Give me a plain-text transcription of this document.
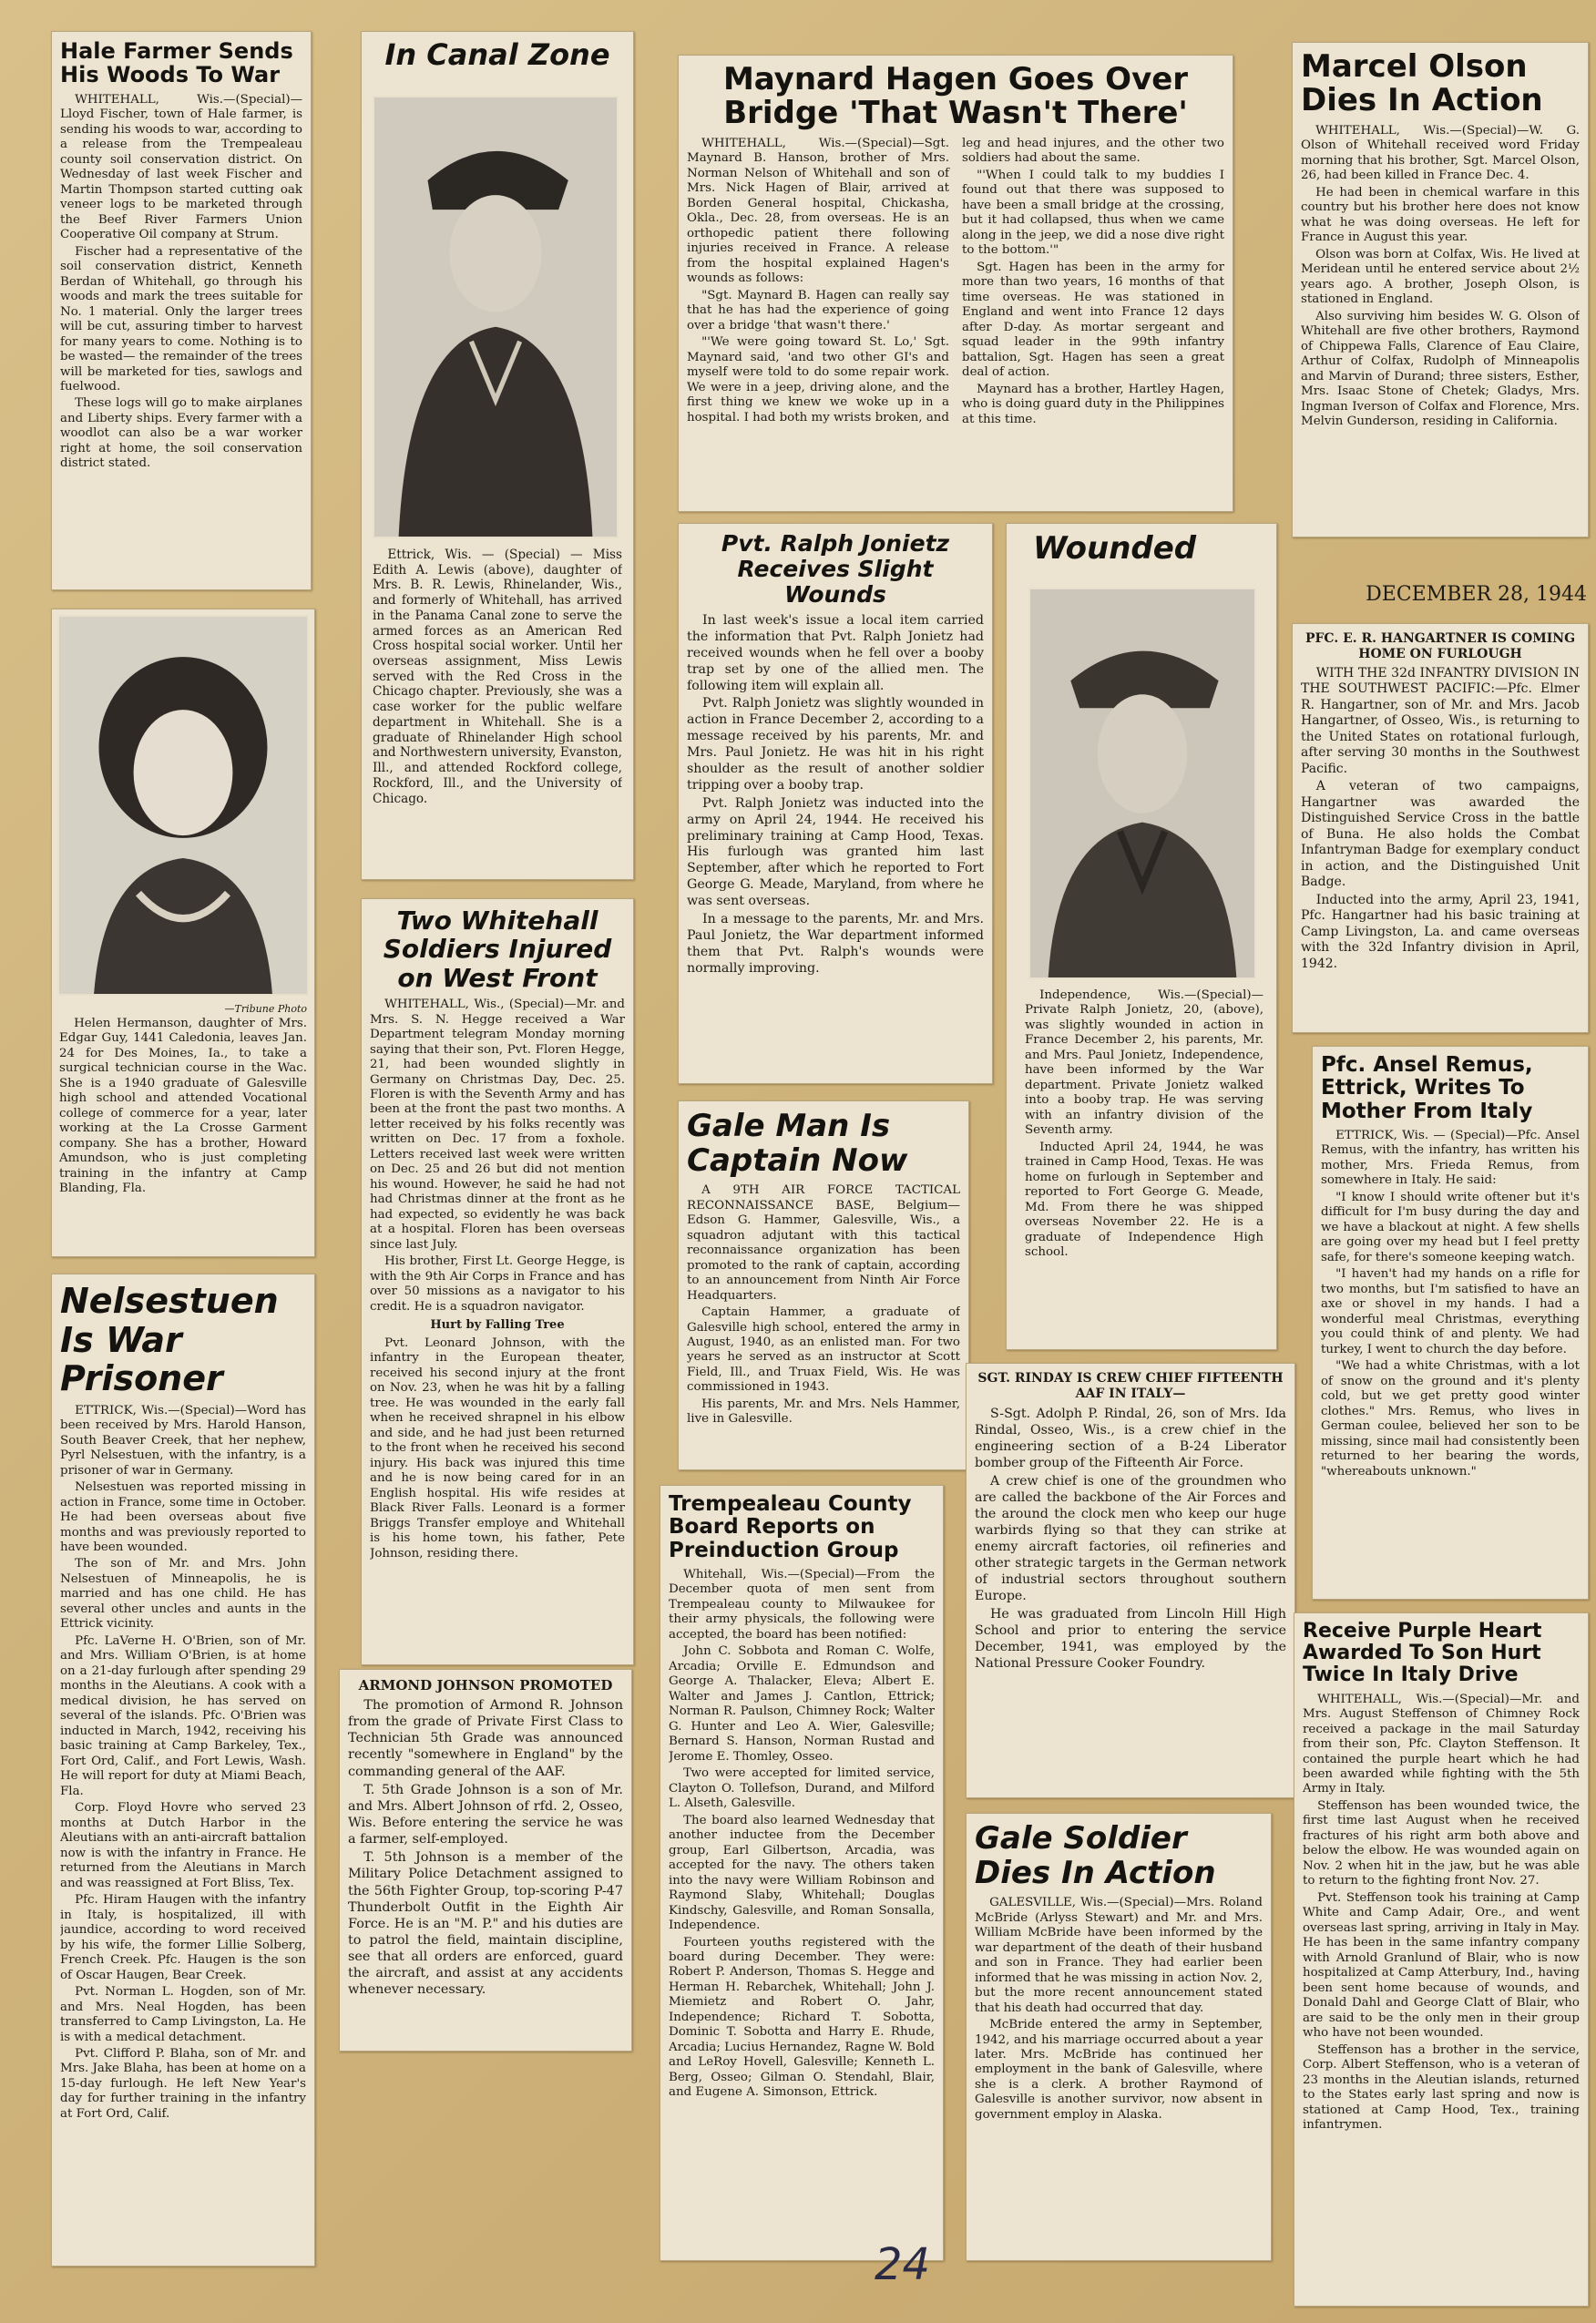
Hale Farmer Sends His Woods To War

WHITEHALL, Wis.—(Special)—Lloyd Fischer, town of Hale farmer, is sending his woods to war, according to a release from the Trempealeau county soil conservation district. On Wednesday of last week Fischer and Martin Thompson started cutting oak veneer logs to be marketed through the Beef River Farmers Union Cooperative Oil company at Strum.

Fischer had a representative of the soil conservation district, Kenneth Berdan of Whitehall, go through his woods and mark the trees suitable for No. 1 material. Only the larger trees will be cut, assuring timber to harvest for many years to come. Nothing is to be wasted— the remainder of the trees will be marketed for ties, sawlogs and fuelwood.

These logs will go to make airplanes and Liberty ships. Every farmer with a woodlot can also be a war worker right at home, the soil conservation district stated.

—Tribune Photo
Helen Hermanson, daughter of Mrs. Edgar Guy, 1441 Caledonia, leaves Jan. 24 for Des Moines, Ia., to take a surgical technician course in the Wac. She is a 1940 graduate of Galesville high school and attended Vocational college of commerce for a year, later working at the La Crosse Garment company. She has a brother, Howard Amundson, who is just completing training in the infantry at Camp Blanding, Fla.
Nelsestuen Is War Prisoner

ETTRICK, Wis.—(Special)—Word has been received by Mrs. Harold Hanson, South Beaver Creek, that her nephew, Pyrl Nelsestuen, with the infantry, is a prisoner of war in Germany.

Nelsestuen was reported missing in action in France, some time in October. He had been overseas about five months and was previously reported to have been wounded.

The son of Mr. and Mrs. John Nelsestuen of Minneapolis, he is married and has one child. He has several other uncles and aunts in the Ettrick vicinity.

Pfc. LaVerne H. O'Brien, son of Mr. and Mrs. William O'Brien, is at home on a 21-day furlough after spending 29 months in the Aleutians. A cook with a medical division, he has served on several of the islands. Pfc. O'Brien was inducted in March, 1942, receiving his basic training at Camp Barkeley, Tex., Fort Ord, Calif., and Fort Lewis, Wash. He will report for duty at Miami Beach, Fla.

Corp. Floyd Hovre who served 23 months at Dutch Harbor in the Aleutians with an anti-aircraft battalion now is with the infantry in France. He returned from the Aleutians in March and was reassigned at Fort Bliss, Tex.

Pfc. Hiram Haugen with the infantry in Italy, is hospitalized, ill with jaundice, according to word received by his wife, the former Lillie Solberg, French Creek. Pfc. Haugen is the son of Oscar Haugen, Bear Creek.

Pvt. Norman L. Hogden, son of Mr. and Mrs. Neal Hogden, has been transferred to Camp Livingston, La. He is with a medical detachment.

Pvt. Clifford P. Blaha, son of Mr. and Mrs. Jake Blaha, has been at home on a 15-day furlough. He left New Year's day for further training in the infantry at Fort Ord, Calif.

In Canal Zone
Ettrick, Wis. — (Special) — Miss Edith A. Lewis (above), daughter of Mrs. B. R. Lewis, Rhinelander, Wis., and formerly of Whitehall, has arrived in the Panama Canal zone to serve the armed forces as an American Red Cross hospital social worker. Until her overseas assignment, Miss Lewis served with the Red Cross in the Chicago chapter. Previously, she was a case worker for the public welfare department in Whitehall. She is a graduate of Rhinelander High school and Northwestern university, Evanston, Ill., and attended Rockford college, Rockford, Ill., and the University of Chicago.
Two Whitehall Soldiers Injured on West Front

WHITEHALL, Wis., (Special)—Mr. and Mrs. S. N. Hegge received a War Department telegram Monday morning saying that their son, Pvt. Floren Hegge, 21, had been wounded slightly in Germany on Christmas Day, Dec. 25. Floren is with the Seventh Army and has been at the front the past two months. A letter received by his folks recently was written on Dec. 17 from a foxhole. Letters received last week were written on Dec. 25 and 26 but did not mention his wound. However, he said he had not had Christmas dinner at the front as he had expected, so evidently he was back at a hospital. Floren has been overseas since last July.

His brother, First Lt. George Hegge, is with the 9th Air Corps in France and has over 50 missions as a navigator to his credit. He is a squadron navigator.

Hurt by Falling Tree

Pvt. Leonard Johnson, with the infantry in the European theater, received his second injury at the front on Nov. 23, when he was hit by a falling tree. He was wounded in the early fall when he received shrapnel in his elbow and side, and he had just been returned to the front when he received his second injury. His back was injured this time and he is now being cared for in an English hospital. His wife resides at Black River Falls. Leonard is a former Briggs Transfer employe and Whitehall is his home town, his father, Pete Johnson, residing there.

ARMOND JOHNSON PROMOTED

The promotion of Armond R. Johnson from the grade of Private First Class to Technician 5th Grade was announced recently "somewhere in England" by the commanding general of the AAF.

T. 5th Grade Johnson is a son of Mr. and Mrs. Albert Johnson of rfd. 2, Osseo, Wis. Before entering the service he was a farmer, self-employed.

T. 5th Johnson is a member of the Military Police Detachment assigned to the 56th Fighter Group, top-scoring P-47 Thunderbolt Outfit in the Eighth Air Force. He is an "M. P." and his duties are to patrol the field, maintain discipline, see that all orders are enforced, guard the aircraft, and assist at any accidents whenever necessary.

Maynard Hagen Goes Over Bridge 'That Wasn't There'

WHITEHALL, Wis.—(Special)—Sgt. Maynard B. Hanson, brother of Mrs. Norman Nelson of Whitehall and son of Mrs. Nick Hagen of Blair, arrived at Borden General hospital, Chickasha, Okla., Dec. 28, from overseas. He is an orthopedic patient there following injuries received in France. A release from the hospital explained Hagen's wounds as follows:

"Sgt. Maynard B. Hagen can really say that he has had the experience of going over a bridge 'that wasn't there.'

"'We were going toward St. Lo,' Sgt. Maynard said, 'and two other GI's and myself were told to do some repair work. We were in a jeep, driving alone, and the first thing we knew we woke up in a hospital. I had both my wrists broken, and leg and head injures, and the other two soldiers had about the same.

"'When I could talk to my buddies I found out that there was supposed to have been a small bridge at the crossing, but it had collapsed, thus when we came along in the jeep, we did a nose dive right to the bottom.'"

Sgt. Hagen has been in the army for more than two years, 16 months of that time overseas. He was stationed in England and went into France 12 days after D-day. As mortar sergeant and squad leader in the 99th infantry battalion, Sgt. Hagen has seen a great deal of action.

Maynard has a brother, Hartley Hagen, who is doing guard duty in the Philippines at this time.

Pvt. Ralph Jonietz Receives Slight Wounds

In last week's issue a local item carried the information that Pvt. Ralph Jonietz had received wounds when he fell over a booby trap set by one of the allied men. The following item will explain all.

Pvt. Ralph Jonietz was slightly wounded in action in France December 2, according to a message received by his parents, Mr. and Mrs. Paul Jonietz. He was hit in his right shoulder as the result of another soldier tripping over a booby trap.

Pvt. Ralph Jonietz was inducted into the army on April 24, 1944. He received his preliminary training at Camp Hood, Texas. His furlough was granted him last September, after which he reported to Fort George G. Meade, Maryland, from where he was sent overseas.

In a message to the parents, Mr. and Mrs. Paul Jonietz, the War department informed them that Pvt. Ralph's wounds were normally improving.

Gale Man Is Captain Now

A 9TH AIR FORCE TACTICAL RECONNAISSANCE BASE, Belgium—Edson G. Hammer, Galesville, Wis., a squadron adjutant with this tactical reconnaissance organization has been promoted to the rank of captain, according to an announcement from Ninth Air Force Headquarters.

Captain Hammer, a graduate of Galesville high school, entered the army in August, 1940, as an enlisted man. For two years he served as an instructor at Scott Field, Ill., and Truax Field, Wis. He was commissioned in 1943.

His parents, Mr. and Mrs. Nels Hammer, live in Galesville.

Trempealeau County Board Reports on Preinduction Group

Whitehall, Wis.—(Special)—From the December quota of men sent from Trempealeau county to Milwaukee for their army physicals, the following were accepted, the board has been notified:

John C. Sobbota and Roman C. Wolfe, Arcadia; Orville E. Edmundson and George A. Thalacker, Eleva; Albert E. Walter and James J. Cantlon, Ettrick; Norman R. Paulson, Chimney Rock; Walter G. Hunter and Leo A. Wier, Galesville; Bernard S. Hanson, Norman Rustad and Jerome E. Thomley, Osseo.

Two were accepted for limited service, Clayton O. Tollefson, Durand, and Milford L. Alseth, Galesville.

The board also learned Wednesday that another inductee from the December group, Earl Gilbertson, Arcadia, was accepted for the navy. The others taken into the navy were William Robinson and Raymond Slaby, Whitehall; Douglas Kindschy, Galesville, and Roman Sonsalla, Independence.

Fourteen youths registered with the board during December. They were: Robert P. Anderson, Thomas S. Hegge and Herman H. Rebarchek, Whitehall; John J. Miemietz and Robert O. Jahr, Independence; Richard T. Sobotta, Dominic T. Sobotta and Harry E. Rhude, Arcadia; Lucius Hernandez, Ragne W. Bold and LeRoy Hovell, Galesville; Kenneth L. Berg, Osseo; Gilman O. Stendahl, Blair, and Eugene A. Simonson, Ettrick.

Wounded
Independence, Wis.—(Special)—Private Ralph Jonietz, 20, (above), was slightly wounded in action in France December 2, his parents, Mr. and Mrs. Paul Jonietz, Independence, have been informed by the War department. Private Jonietz walked into a booby trap. He was serving with an infantry division of the Seventh army.
Inducted April 24, 1944, he was trained in Camp Hood, Texas. He was home on furlough in September and reported to Fort George G. Meade, Md. From there he was shipped overseas November 22. He is a graduate of Independence High school.
SGT. RINDAY IS CREW CHIEF FIFTEENTH AAF IN ITALY—

S-Sgt. Adolph P. Rindal, 26, son of Mrs. Ida Rindal, Osseo, Wis., is a crew chief in the engineering section of a B-24 Liberator bomber group of the Fifteenth Air Force.

A crew chief is one of the groundmen who are called the backbone of the Air Forces and the around the clock men who keep our huge warbirds flying so that they can strike at enemy aircraft factories, oil refineries and other strategic targets in the German network of industrial sectors throughout southern Europe.

He was graduated from Lincoln Hill High School and prior to entering the service December, 1941, was employed by the National Pressure Cooker Foundry.

Gale Soldier Dies In Action

GALESVILLE, Wis.—(Special)—Mrs. Roland McBride (Arlyss Stewart) and Mr. and Mrs. William McBride have been informed by the war department of the death of their husband and son in France. They had earlier been informed that he was missing in action Nov. 2, but the more recent announcement stated that his death had occurred that day.

McBride entered the army in September, 1942, and his marriage occurred about a year later. Mrs. McBride has continued her employment in the bank of Galesville, where she is a clerk. A brother Raymond of Galesville is another survivor, now absent in government employ in Alaska.

Marcel Olson Dies In Action

WHITEHALL, Wis.—(Special)—W. G. Olson of Whitehall received word Friday morning that his brother, Sgt. Marcel Olson, 26, had been killed in France Dec. 4.

He had been in chemical warfare in this country but his brother here does not know what he was doing overseas. He left for France in August this year.

Olson was born at Colfax, Wis. He lived at Meridean until he entered service about 2½ years ago. A brother, Joseph Olson, is stationed in England.

Also surviving him besides W. G. Olson of Whitehall are five other brothers, Raymond of Chippewa Falls, Clarence of Eau Claire, Arthur of Colfax, Rudolph of Minneapolis and Marvin of Durand; three sisters, Esther, Mrs. Isaac Stone of Chetek; Gladys, Mrs. Ingman Iverson of Colfax and Florence, Mrs. Melvin Gunderson, residing in California.

DECEMBER 28, 1944
PFC. E. R. HANGARTNER IS COMING HOME ON FURLOUGH

WITH THE 32d INFANTRY DIVISION IN THE SOUTHWEST PACIFIC:—Pfc. Elmer R. Hangartner, son of Mr. and Mrs. Jacob Hangartner, of Osseo, Wis., is returning to the United States on rotational furlough, after serving 30 months in the Southwest Pacific.

A veteran of two campaigns, Hangartner was awarded the Distinguished Service Cross in the battle of Buna. He also holds the Combat Infantryman Badge for exemplary conduct in action, and the Distinguished Unit Badge.

Inducted into the army, April 23, 1941, Pfc. Hangartner had his basic training at Camp Livingston, La. and came overseas with the 32d Infantry division in April, 1942.

Pfc. Ansel Remus, Ettrick, Writes To Mother From Italy

ETTRICK, Wis. — (Special)—Pfc. Ansel Remus, with the infantry, has written his mother, Mrs. Frieda Remus, from somewhere in Italy. He said:

"I know I should write oftener but it's difficult for I'm busy during the day and we have a blackout at night. A few shells are going over my head but I feel pretty safe, for there's someone keeping watch.

"I haven't had my hands on a rifle for two months, but I'm satisfied to have an axe or shovel in my hands. I had a wonderful meal Christmas, everything you could think of and plenty. We had turkey, I went to church the day before.

"We had a white Christmas, with a lot of snow on the ground and it's plenty cold, but we get pretty good winter clothes." Mrs. Remus, who lives in German coulee, believed her son to be missing, since mail had consistently been returned to her bearing the words, "whereabouts unknown."

Receive Purple Heart Awarded To Son Hurt Twice In Italy Drive

WHITEHALL, Wis.—(Special)—Mr. and Mrs. August Steffenson of Chimney Rock received a package in the mail Saturday from their son, Pfc. Clayton Steffenson. It contained the purple heart which he had been awarded while fighting with the 5th Army in Italy.

Steffenson has been wounded twice, the first time last August when he received fractures of his right arm both above and below the elbow. He was wounded again on Nov. 2 when hit in the jaw, but he was able to return to the fighting front Nov. 27.

Pvt. Steffenson took his training at Camp White and Camp Adair, Ore., and went overseas last spring, arriving in Italy in May. He has been in the same infantry company with Arnold Granlund of Blair, who is now hospitalized at Camp Atterbury, Ind., having been sent home because of wounds, and Donald Dahl and George Clatt of Blair, who are said to be the only men in their group who have not been wounded.

Steffenson has a brother in the service, Corp. Albert Steffenson, who is a veteran of 23 months in the Aleutian islands, returned to the States early last spring and now is stationed at Camp Hood, Tex., training infantrymen.

24
